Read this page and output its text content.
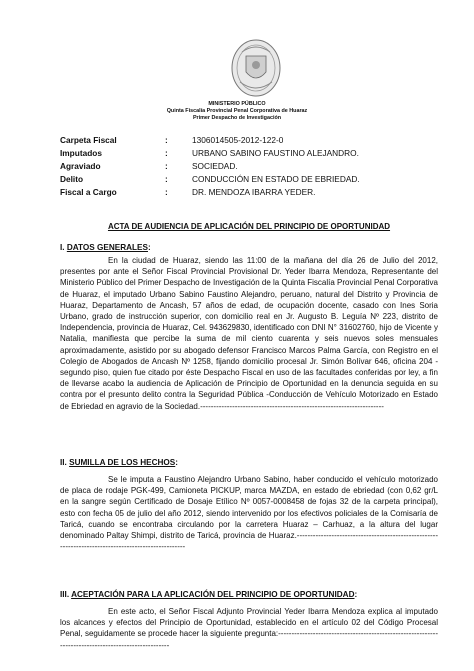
MINISTERIO PÚBLICO
Quinta Fiscalía Provincial Penal Corporativa de Huaraz
Primer Despacho de Investigación
Carpeta Fiscal	:	1306014505-2012-122-0
Imputados	:	URBANO SABINO FAUSTINO ALEJANDRO.
Agraviado	:	SOCIEDAD.
Delito	:	CONDUCCIÓN EN ESTADO DE EBRIEDAD.
Fiscal a Cargo	:	DR. MENDOZA IBARRA YEDER.
ACTA DE AUDIENCIA DE APLICACIÓN DEL PRINCIPIO DE OPORTUNIDAD
I. DATOS GENERALES:
En la ciudad de Huaraz, siendo las 11:00 de la mañana del día 26 de Julio del 2012, presentes por ante el Señor Fiscal Provincial Provisional Dr. Yeder Ibarra Mendoza, Representante del Ministerio Público del Primer Despacho de Investigación de la Quinta Fiscalía Provincial Penal Corporativa de Huaraz, el imputado Urbano Sabino Faustino Alejandro, peruano, natural del Distrito y Provincia de Huaraz, Departamento de Ancash, 57 años de edad, de ocupación docente, casado con Ines Soria Urbano, grado de instrucción superior, con domicilio real en Jr. Augusto B. Leguía Nº 223, distrito de Independencia, provincia de Huaraz, Cel. 943629830, identificado con DNI N° 31602760, hijo de Vicente y Natalia, manifiesta que percibe la suma de mil ciento cuarenta y seis nuevos soles mensuales aproximadamente, asistido por su abogado defensor Francisco Marcos Palma García, con Registro en el Colegio de Abogados de Ancash Nº 1258, fijando domicilio procesal Jr. Simón Bolívar 646, oficina 204 - segundo piso, quien fue citado por éste Despacho Fiscal en uso de las facultades conferidas por ley, a fin de llevarse acabo la audiencia de Aplicación de Principio de Oportunidad en la denuncia seguida en su contra por el presunto delito contra la Seguridad Pública -Conducción de Vehículo Motorizado en Estado de Ebriedad en agravio de la Sociedad.---------------------------------------------------------------------
II. SUMILLA DE LOS HECHOS:
Se le imputa a Faustino Alejandro Urbano Sabino, haber conducido el vehículo motorizado de placa de rodaje PGK-499, Camioneta PICKUP, marca MAZDA, en estado de ebriedad (con 0,62 gr/L en la sangre según Certificado de Dosaje Etílico Nº 0057-0008458 de fojas 32 de la carpeta principal), esto con fecha 05 de julio del año 2012, siendo intervenido por los efectivos policiales de la Comisaría de Taricá, cuando se encontraba circulando por la carretera Huaraz – Carhuaz, a la altura del lugar denominado Paltay Shimpi, distrito de Taricá, provincia de Huaraz.----------------------------------------------------------------------------------------------------
III. ACEPTACIÓN PARA LA APLICACIÓN DEL PRINCIPIO DE OPORTUNIDAD:
En este acto, el Señor Fiscal Adjunto Provincial Yeder Ibarra Mendoza explica al imputado los alcances y efectos del Principio de Oportunidad, establecido en el artículo 02 del Código Procesal Penal, seguidamente se procede hacer la siguiente pregunta:-----------------------------------------------------------------------------------------------------
